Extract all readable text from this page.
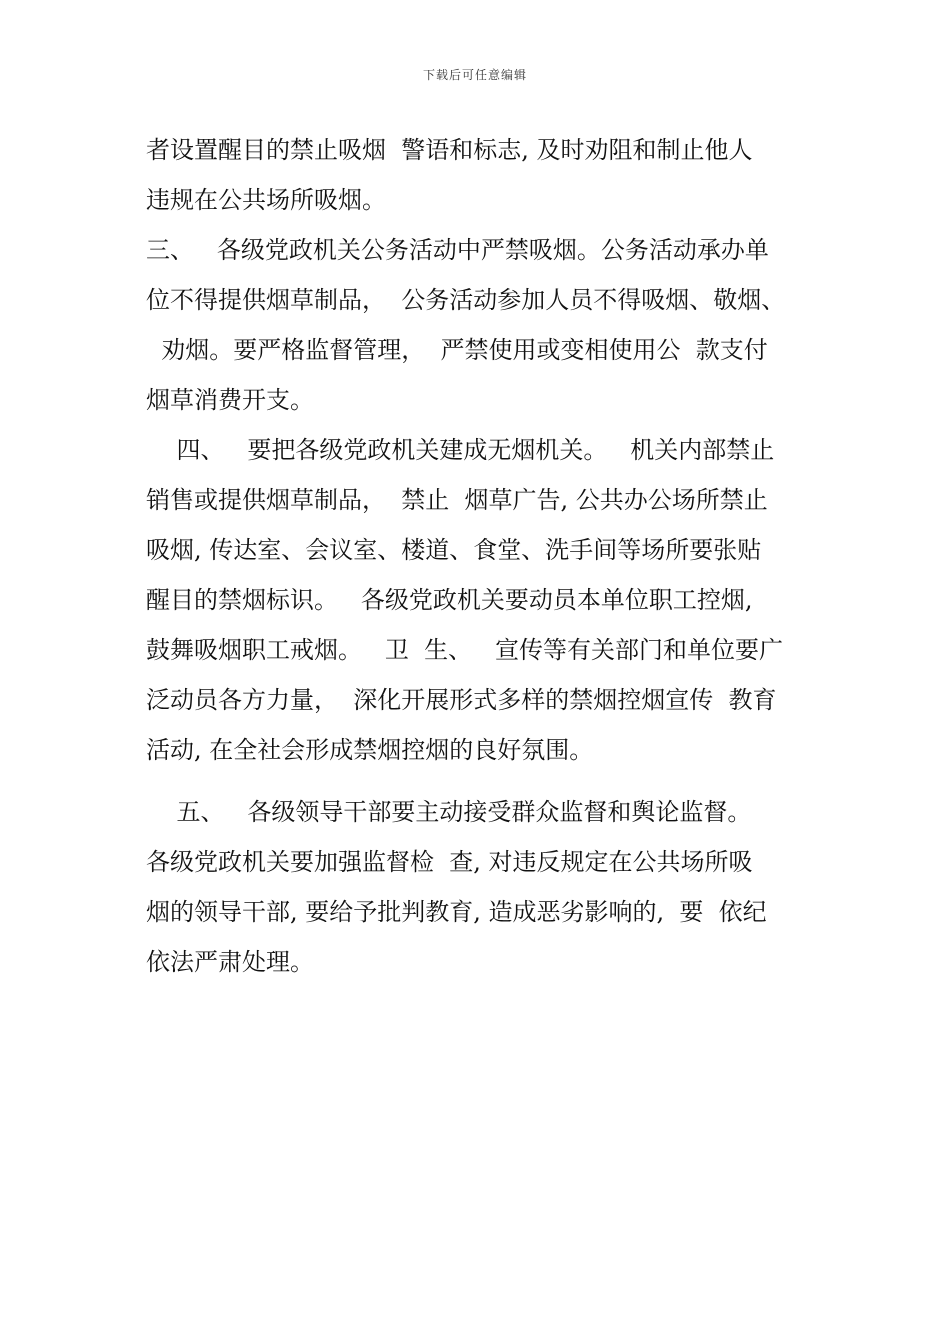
下载后可任意编辑
者设置醒目的禁止吸烟  警语和标志, 及时劝阻和制止他人
违规在公共场所吸烟。
三、   各级党政机关公务活动中严禁吸烟。公务活动承办单
位不得提供烟草制品，  公务活动参加人员不得吸烟、敬烟、
劝烟。要严格监督管理，  严禁使用或变相使用公  款支付
烟草消费开支。
四、   要把各级党政机关建成无烟机关。   机关内部禁止
销售或提供烟草制品，  禁止  烟草广告, 公共办公场所禁止
吸烟, 传达室、会议室、楼道、食堂、洗手间等场所要张贴
醒目的禁烟标识。   各级党政机关要动员本单位职工控烟,
鼓舞吸烟职工戒烟。   卫  生、   宣传等有关部门和单位要广
泛动员各方力量，  深化开展形式多样的禁烟控烟宣传  教育
活动, 在全社会形成禁烟控烟的良好氛围。
五、   各级领导干部要主动接受群众监督和舆论监督。
各级党政机关要加强监督检  查, 对违反规定在公共场所吸
烟的领导干部, 要给予批判教育, 造成恶劣影响的,  要  依纪
依法严肃处理。
